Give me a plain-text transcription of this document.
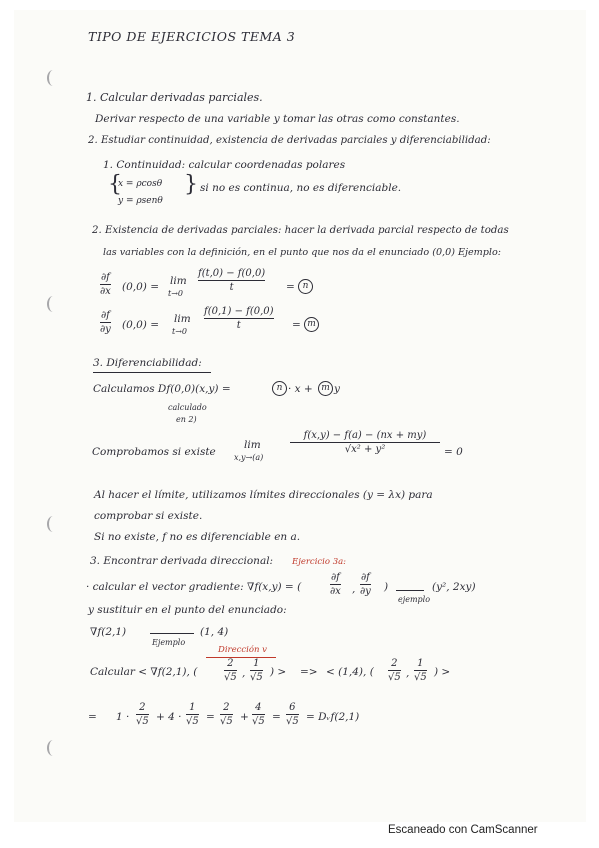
TIPO DE EJERCICIOS TEMA 3
1. Calcular derivadas parciales.
Derivar respecto de una variable y tomar las otras como constantes.
2. Estudiar continuidad, existencia de derivadas parciales y diferenciabilidad:
1. Continuidad: calcular coordenadas polares
{
x = ρcosθ
y = ρsenθ
} si no es continua, no es diferenciable.
2. Existencia de derivadas parciales: hacer la derivada parcial respecto de todas
las variables con la definición, en el punto que nos da el enunciado (0,0) Ejemplo:
∂f
∂x (0,0) = lim
t→0
f(t,0) − f(0,0)
t	= n
∂f
∂y (0,0) = lim
t→0
f(0,1) − f(0,0)
t	= m
3. Diferenciabilidad:
Calculamos Df(0,0)(x,y) =	n · x + m y
calculado
en 2)
Comprobamos si existe
lim
x,y→(a)
f(x,y) − f(a) − (nx + my)
√x² + y²	= 0
Al hacer el límite, utilizamos límites direccionales (y = λx) para
comprobar si existe.
Si no existe, f no es diferenciable en a.
3. Encontrar derivada direccional: Ejercicio 3a:
· calcular el vector gradiente: ∇f(x,y) = (
∂f
∂x ,
∂f
∂y )
ejemplo
(y², 2xy)
y sustituir en el punto del enunciado:
∇f(2,1)
Ejemplo
(1, 4)
Dirección v
Calcular < ∇f(2,1), (
2
√5 ,
1
√5 ) > => < (1,4), (
2
√5 ,
1
√5 ) >
= 1 ·
2
√5 + 4 ·
1
√5 =
2
√5 +
4
√5 =
6
√5 = Dᵥf(2,1)
Escaneado con CamScanner
